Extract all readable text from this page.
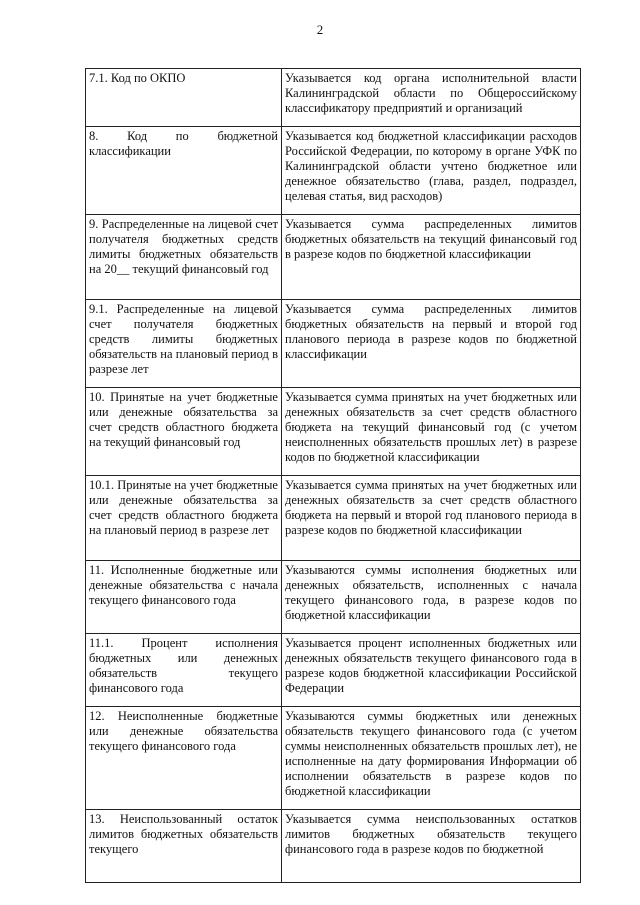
2
7.1. Код по ОКПО	Указывается код органа исполнительной власти Калининградской области по Общероссийскому классификатору предприятий и организаций
8. Код по бюджетной классификации	Указывается код бюджетной классификации расходов Российской Федерации, по которому в органе УФК по Калининградской области учтено бюджетное или денежное обязательство (глава, раздел, подраздел, целевая статья, вид расходов)
9. Распределенные на лицевой счет получателя бюджетных средств лимиты бюджетных обязательств на 20__ текущий финансовый год	Указывается сумма распределенных лимитов бюджетных обязательств на текущий финансовый год в разрезе кодов по бюджетной классификации
9.1. Распределенные на лицевой счет получателя бюджетных средств лимиты бюджетных обязательств на плановый период в разрезе лет	Указывается сумма распределенных лимитов бюджетных обязательств на первый и второй год планового периода в разрезе кодов по бюджетной классификации
10. Принятые на учет бюджетные или денежные обязательства за счет средств областного бюджета на текущий финансовый год	Указывается сумма принятых на учет бюджетных или денежных обязательств за счет средств областного бюджета на текущий финансовый год (с учетом неисполненных обязательств прошлых лет) в разрезе кодов по бюджетной классификации
10.1. Принятые на учет бюджетные или денежные обязательства за счет средств областного бюджета на плановый период в разрезе лет	Указывается сумма принятых на учет бюджетных или денежных обязательств за счет средств областного бюджета на первый и второй год планового периода в разрезе кодов по бюджетной классификации
11. Исполненные бюджетные или денежные обязательства с начала текущего финансового года	Указываются суммы исполнения бюджетных или денежных обязательств, исполненных с начала текущего финансового года, в разрезе кодов по бюджетной классификации
11.1. Процент исполнения бюджетных или денежных обязательств текущего финансового года	Указывается процент исполненных бюджетных или денежных обязательств текущего финансового года в разрезе кодов бюджетной классификации Российской Федерации
12. Неисполненные бюджетные или денежные обязательства текущего финансового года	Указываются суммы бюджетных или денежных обязательств текущего финансового года (с учетом суммы неисполненных обязательств прошлых лет), не исполненные на дату формирования Информации об исполнении обязательств в разрезе кодов по бюджетной классификации
13. Неиспользованный остаток лимитов бюджетных обязательств текущего	Указывается сумма неиспользованных остатков лимитов бюджетных обязательств текущего финансового года в разрезе кодов по бюджетной
